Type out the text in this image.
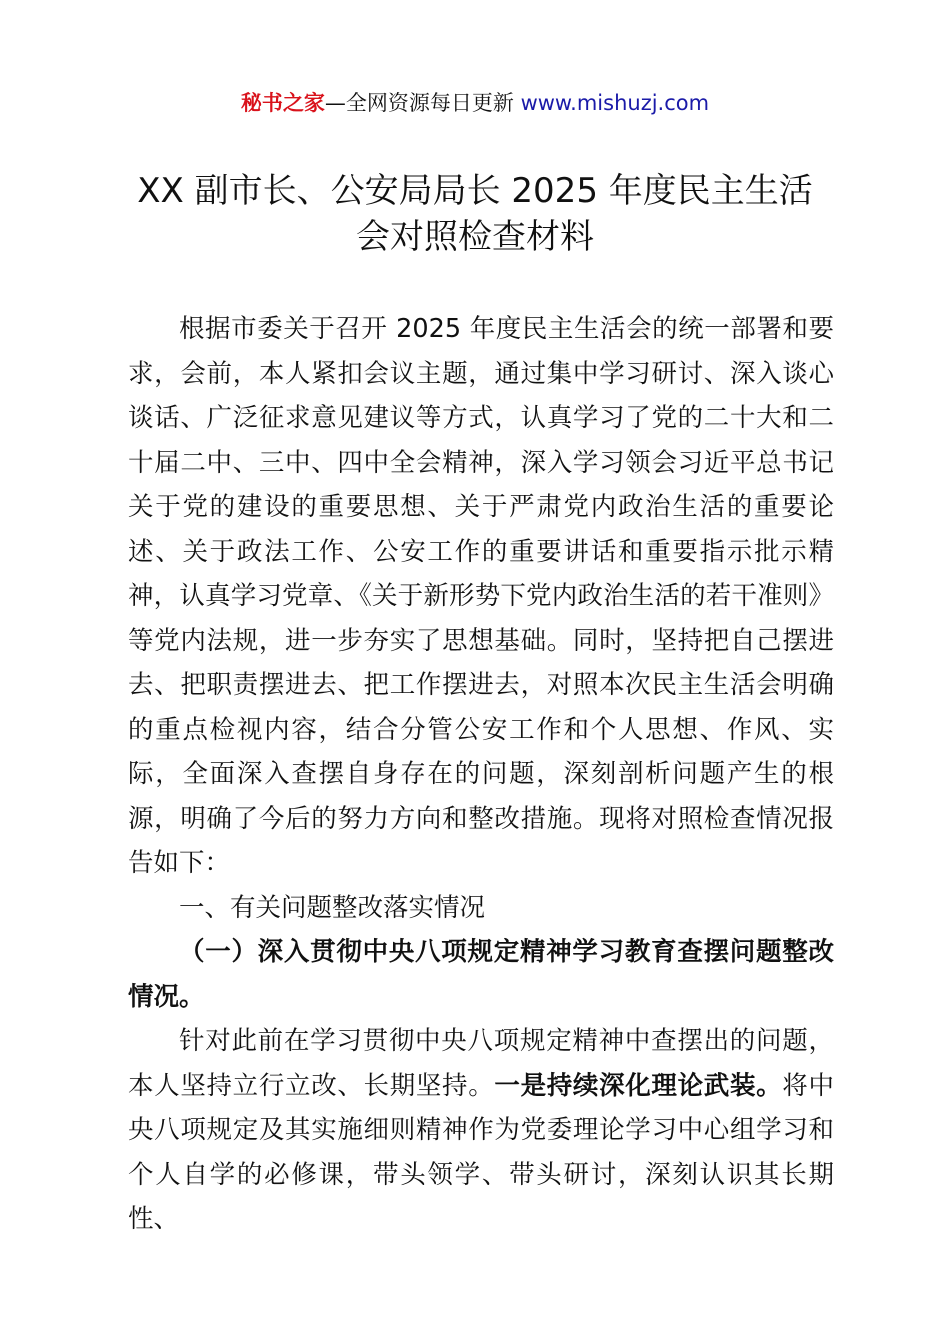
秘书之家—全网资源每日更新 www.mishuzj.com
XX 副市长、公安局局长 2025 年度民主生活
会对照检查材料

根据市委关于召开 2025 年度民主生活会的统一部署和要求，会前，本人紧扣会议主题，通过集中学习研讨、深入谈心谈话、广泛征求意见建议等方式，认真学习了党的二十大和二十届二中、三中、四中全会精神，深入学习领会习近平总书记关于党的建设的重要思想、关于严肃党内政治生活的重要论述、关于政法工作、公安工作的重要讲话和重要指示批示精神，认真学习党章、《关于新形势下党内政治生活的若干准则》等党内法规，进一步夯实了思想基础。同时，坚持把自己摆进去、把职责摆进去、把工作摆进去，对照本次民主生活会明确的重点检视内容，结合分管公安工作和个人思想、作风、实际，全面深入查摆自身存在的问题，深刻剖析问题产生的根源，明确了今后的努力方向和整改措施。现将对照检查情况报告如下：

一、有关问题整改落实情况

（一）深入贯彻中央八项规定精神学习教育查摆问题整改情况。

针对此前在学习贯彻中央八项规定精神中查摆出的问题，本人坚持立行立改、长期坚持。一是持续深化理论武装。将中央八项规定及其实施细则精神作为党委理论学习中心组学习和个人自学的必修课，带头领学、带头研讨，深刻认识其长期性、
